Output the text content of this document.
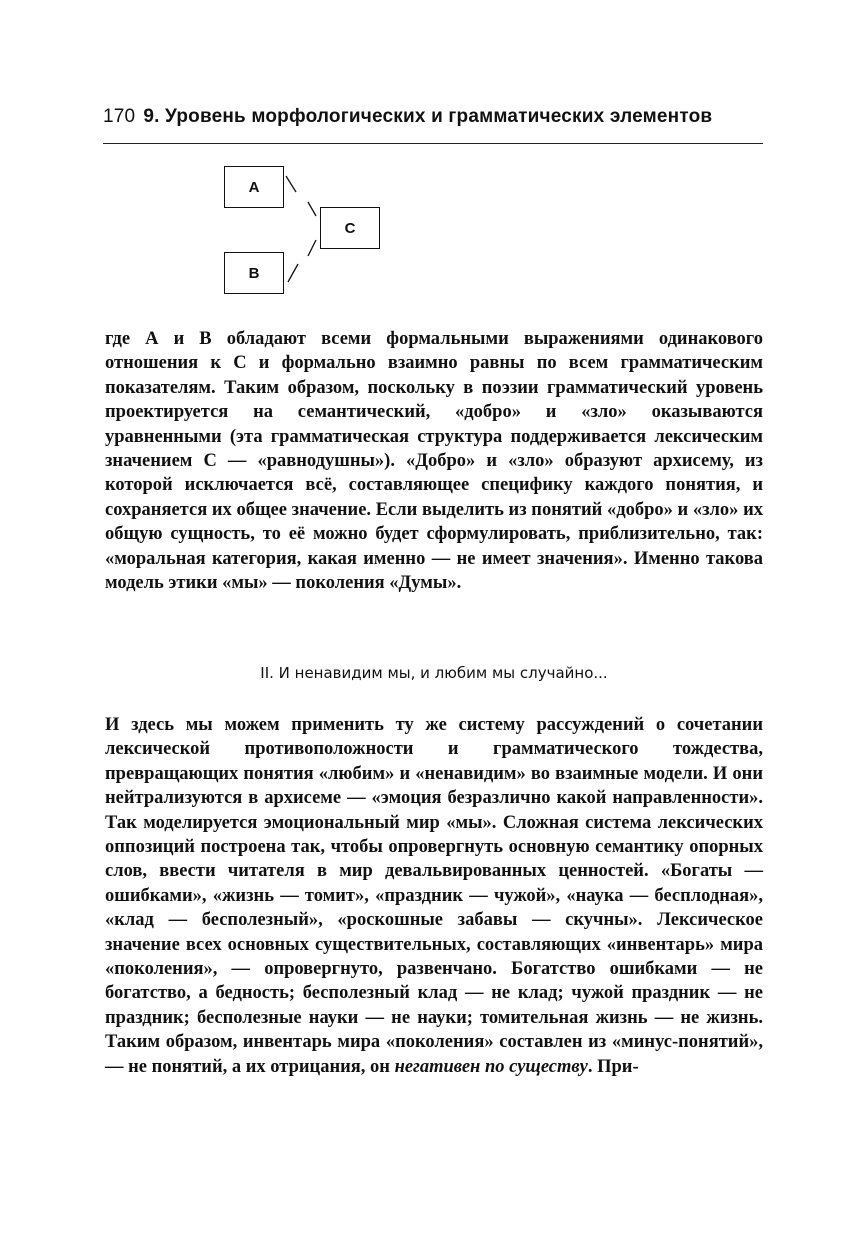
170 9. Уровень морфологических и грамматических элементов
A
B
C
где А и В обладают всеми формальными выражениями одинакового отношения к С и формально взаимно равны по всем грамматическим показателям. Таким образом, поскольку в поэзии грамматический уровень проектируется на семантический, «добро» и «зло» оказываются уравненными (эта грамматическая структура поддерживается лексическим значением С — «равнодушны»). «Добро» и «зло» образуют архисему, из которой исключается всё, составляющее специфику каждого понятия, и сохраняется их общее значение. Если выделить из понятий «добро» и «зло» их общую сущность, то её можно будет сформулировать, приблизительно, так: «моральная категория, какая именно — не имеет значения». Именно такова модель этики «мы» — поколения «Думы».
II. И ненавидим мы, и любим мы случайно...
И здесь мы можем применить ту же систему рассуждений о сочетании лексической противоположности и грамматического тождества, превращающих понятия «любим» и «ненавидим» во взаимные модели. И они нейтрализуются в архисеме — «эмоция безразлично какой направленности». Так моделируется эмоциональный мир «мы». Сложная система лексических оппозиций построена так, чтобы опровергнуть основную семантику опорных слов, ввести читателя в мир девальвированных ценностей. «Богаты — ошибками», «жизнь — томит», «праздник — чужой», «наука — бесплодная», «клад — бесполезный», «роскошные забавы — скучны». Лексическое значение всех основных существительных, составляющих «инвентарь» мира «поколения», — опровергнуто, развенчано. Богатство ошибками — не богатство, а бедность; бесполезный клад — не клад; чужой праздник — не праздник; бесполезные науки — не науки; томительная жизнь — не жизнь. Таким образом, инвентарь мира «поколения» составлен из «минус-понятий», — не понятий, а их отрицания, он негативен по существу. При-
